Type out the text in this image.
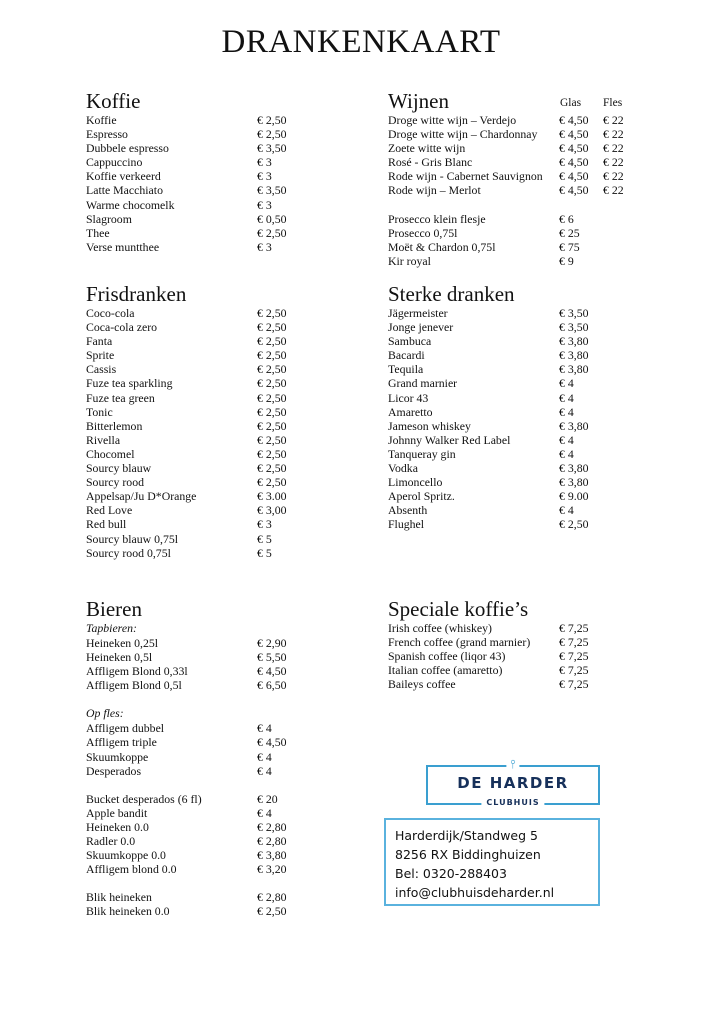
DRANKENKAART
Glas Fles
Koffie
Koffie	€ 2,50
Espresso	€ 2,50
Dubbele espresso	€ 3,50
Cappuccino	€ 3
Koffie verkeerd	€ 3
Latte Macchiato	€ 3,50
Warme chocomelk	€ 3
Slagroom	€ 0,50
Thee	€ 2,50
Verse muntthee	€ 3
Wijnen
Droge witte wijn – Verdejo	€ 4,50 € 22
Droge witte wijn – Chardonnay € 4,50 € 22
Zoete witte wijn	€ 4,50 € 22
Rosé - Gris Blanc	€ 4,50 € 22
Rode wijn - Cabernet Sauvignon € 4,50 € 22
Rode wijn – Merlot	€ 4,50 € 22
Prosecco klein flesje	€ 6
Prosecco 0,75l	€ 25
Moët & Chardon 0,75l	€ 75
Kir royal	€ 9
Frisdranken
Coco-cola	€ 2,50
Coca-cola zero	€ 2,50
Fanta	€ 2,50
Sprite	€ 2,50
Cassis	€ 2,50
Fuze tea sparkling	€ 2,50
Fuze tea green	€ 2,50
Tonic	€ 2,50
Bitterlemon	€ 2,50
Rivella	€ 2,50
Chocomel	€ 2,50
Sourcy blauw	€ 2,50
Sourcy rood	€ 2,50
Appelsap/Ju D*Orange	€ 3.00
Red Love	€ 3,00
Red bull	€ 3
Sourcy blauw 0,75l	€ 5
Sourcy rood 0,75l	€ 5
Sterke dranken
Jägermeister	€ 3,50
Jonge jenever	€ 3,50
Sambuca	€ 3,80
Bacardi	€ 3,80
Tequila	€ 3,80
Grand marnier	€ 4
Licor 43	€ 4
Amaretto	€ 4
Jameson whiskey	€ 3,80
Johnny Walker Red Label	€ 4
Tanqueray gin	€ 4
Vodka	€ 3,80
Limoncello	€ 3,80
Aperol Spritz.	€ 9.00
Absenth	€ 4
Flughel	€ 2,50
Bieren
Tapbieren:
Heineken 0,25l	€ 2,90
Heineken 0,5l	€ 5,50
Affligem Blond 0,33l	€ 4,50
Affligem Blond 0,5l	€ 6,50
Op fles:
Affligem dubbel	€ 4
Affligem triple	€ 4,50
Skuumkoppe	€ 4
Desperados	€ 4
Bucket desperados (6 fl)	€ 20
Apple bandit	€ 4
Heineken 0.0	€ 2,80
Radler 0.0	€ 2,80
Skuumkoppe 0.0	€ 3,80
Affligem blond 0.0	€ 3,20
Blik heineken	€ 2,80
Blik heineken 0.0	€ 2,50
Speciale koffie’s
Irish coffee (whiskey)	€ 7,25
French coffee (grand marnier) € 7,25
Spanish coffee (liqor 43)	€ 7,25
Italian coffee (amaretto)	€ 7,25
Baileys coffee	€ 7,25
⫯
DE HARDER
CLUBHUIS
Harderdijk/Standweg 5
8256 RX Biddinghuizen
Bel: 0320-288403
info@clubhuisdeharder.nl
